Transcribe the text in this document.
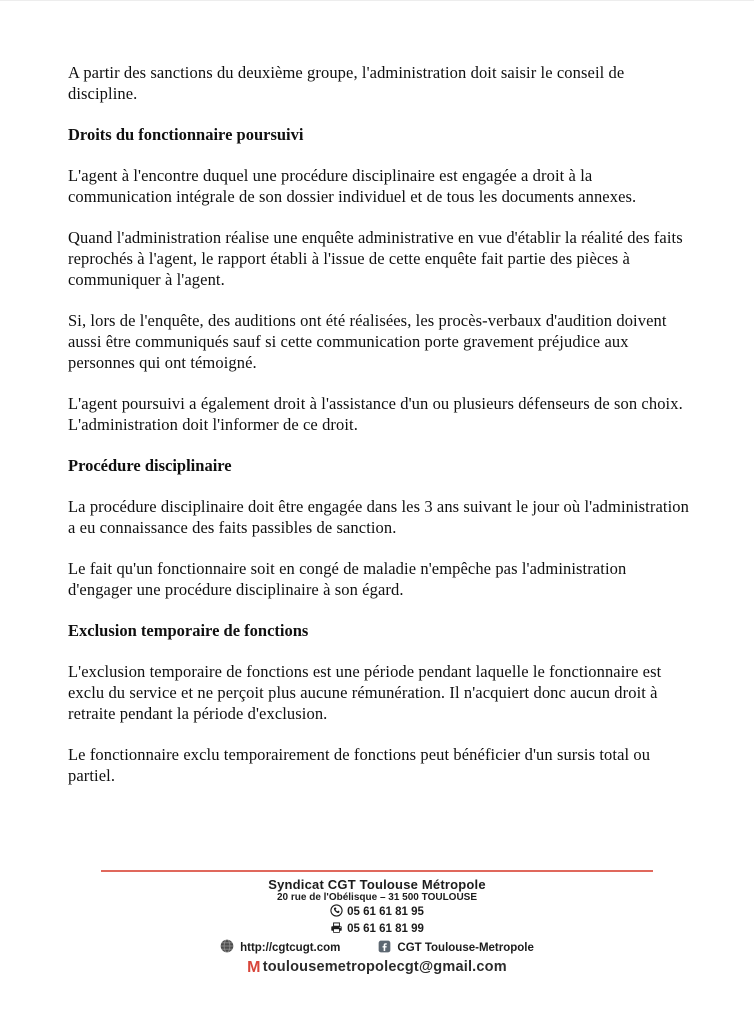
A partir des sanctions du deuxième groupe, l'administration doit saisir le conseil de discipline.

Droits du fonctionnaire poursuivi

L'agent à l'encontre duquel une procédure disciplinaire est engagée a droit à la communication intégrale de son dossier individuel et de tous les documents annexes.

Quand l'administration réalise une enquête administrative en vue d'établir la réalité des faits reprochés à l'agent, le rapport établi à l'issue de cette enquête fait partie des pièces à communiquer à l'agent.

Si, lors de l'enquête, des auditions ont été réalisées, les procès-verbaux d'audition doivent aussi être communiqués sauf si cette communication porte gravement préjudice aux personnes qui ont témoigné.

L'agent poursuivi a également droit à l'assistance d'un ou plusieurs défenseurs de son choix. L'administration doit l'informer de ce droit.

Procédure disciplinaire

La procédure disciplinaire doit être engagée dans les 3 ans suivant le jour où l'administration a eu connaissance des faits passibles de sanction.

Le fait qu'un fonctionnaire soit en congé de maladie n'empêche pas l'administration d'engager une procédure disciplinaire à son égard.

Exclusion temporaire de fonctions

L'exclusion temporaire de fonctions est une période pendant laquelle le fonctionnaire est exclu du service et ne perçoit plus aucune rémunération. Il n'acquiert donc aucun droit à retraite pendant la période d'exclusion.

Le fonctionnaire exclu temporairement de fonctions peut bénéficier d'un sursis total ou partiel.

Syndicat CGT Toulouse Métropole
20 rue de l'Obélisque – 31 500 TOULOUSE
05 61 61 81 95
05 61 61 81 99
http://cgtcugt.com	CGT Toulouse-Metropole
M toulousemetropolecgt@gmail.com
